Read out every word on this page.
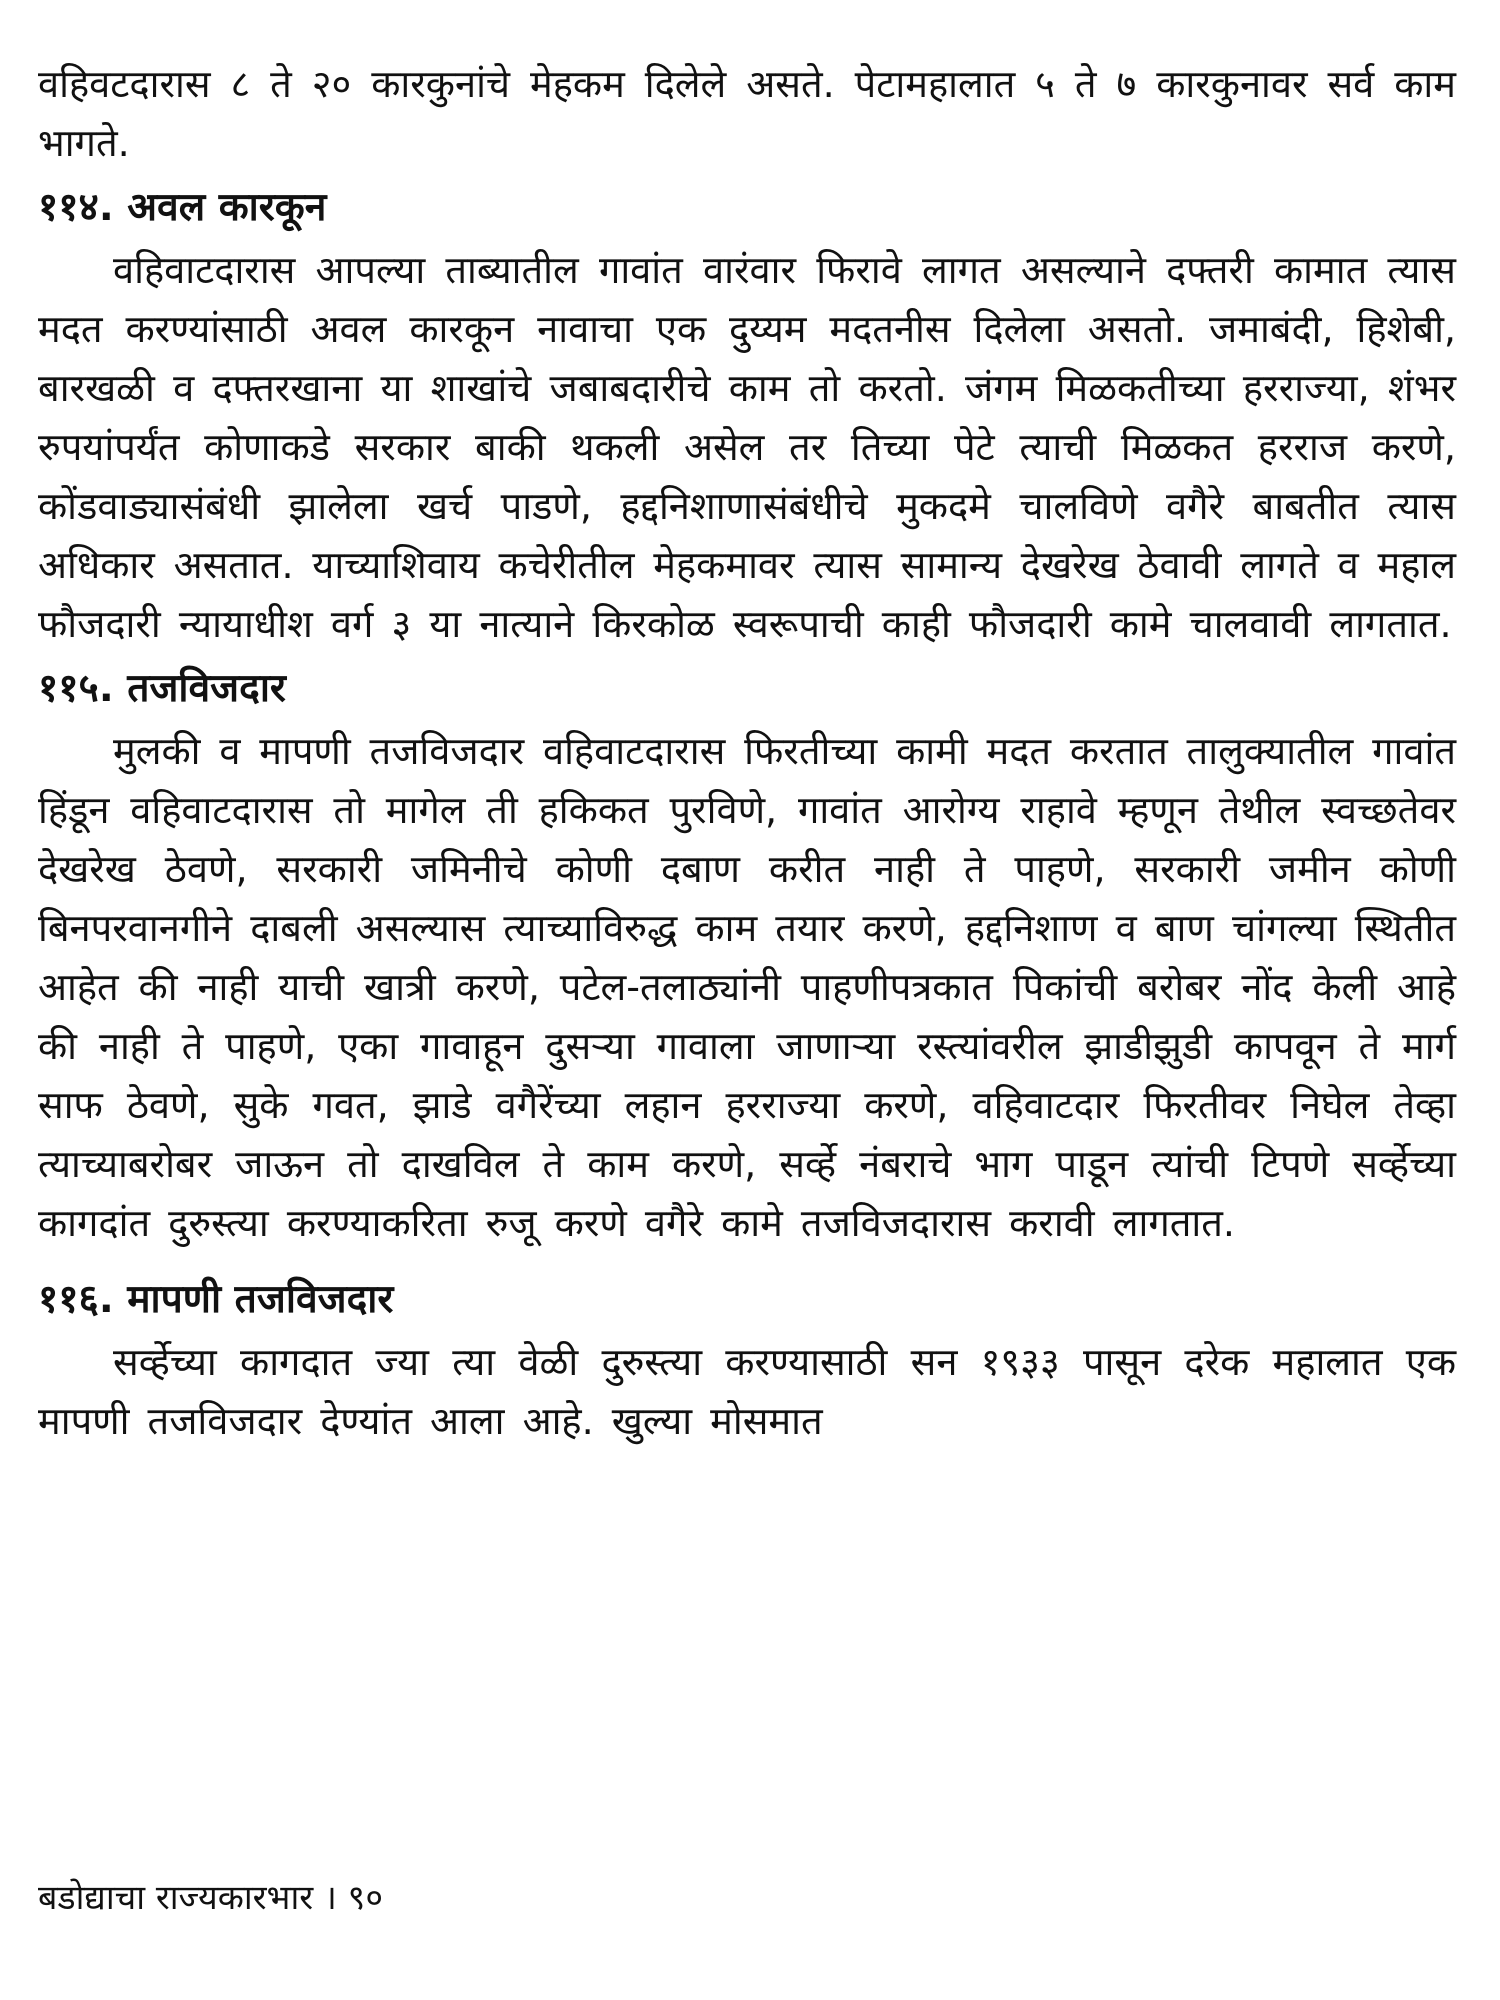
वहिवटदारास ८ ते २० कारकुनांचे मेहकम दिलेले असते. पेटामहालात ५ ते ७ कारकुनावर सर्व काम भागते.

११४. अवल कारकून

वहिवाटदारास आपल्या ताब्यातील गावांत वारंवार फिरावे लागत असल्याने दफ्तरी कामात त्यास मदत करण्यांसाठी अवल कारकून नावाचा एक दुय्यम मदतनीस दिलेला असतो. जमाबंदी, हिशेबी, बारखळी व दफ्तरखाना या शाखांचे जबाबदारीचे काम तो करतो. जंगम मिळकतीच्या हरराज्या, शंभर रुपयांपर्यंत कोणाकडे सरकार बाकी थकली असेल तर तिच्या पेटे त्याची मिळकत हरराज करणे, कोंडवाड्यासंबंधी झालेला खर्च पाडणे, हद्दनिशाणासंबंधीचे मुकदमे चालविणे वगैरे बाबतीत त्यास अधिकार असतात. याच्याशिवाय कचेरीतील मेहकमावर त्यास सामान्य देखरेख ठेवावी लागते व महाल फौजदारी न्यायाधीश वर्ग ३ या नात्याने किरकोळ स्वरूपाची काही फौजदारी कामे चालवावी लागतात.

११५. तजविजदार

मुलकी व मापणी तजविजदार वहिवाटदारास फिरतीच्या कामी मदत करतात तालुक्यातील गावांत हिंडून वहिवाटदारास तो मागेल ती हकिकत पुरविणे, गावांत आरोग्य राहावे म्हणून तेथील स्वच्छतेवर देखरेख ठेवणे, सरकारी जमिनीचे कोणी दबाण करीत नाही ते पाहणे, सरकारी जमीन कोणी बिनपरवानगीने दाबली असल्यास त्याच्याविरुद्ध काम तयार करणे, हद्दनिशाण व बाण चांगल्या स्थितीत आहेत की नाही याची खात्री करणे, पटेल-तलाठ्यांनी पाहणीपत्रकात पिकांची बरोबर नोंद केली आहे की नाही ते पाहणे, एका गावाहून दुसऱ्या गावाला जाणाऱ्या रस्त्यांवरील झाडीझुडी कापवून ते मार्ग साफ ठेवणे, सुके गवत, झाडे वगैरेंच्या लहान हरराज्या करणे, वहिवाटदार फिरतीवर निघेल तेव्हा त्याच्याबरोबर जाऊन तो दाखविल ते काम करणे, सर्व्हे नंबराचे भाग पाडून त्यांची टिपणे सर्व्हेच्या कागदांत दुरुस्त्या करण्याकरिता रुजू करणे वगैरे कामे तजविजदारास करावी लागतात.

११६. मापणी तजविजदार

सर्व्हेच्या कागदात ज्या त्या वेळी दुरुस्त्या करण्यासाठी सन १९३३ पासून दरेक महालात एक मापणी तजविजदार देण्यांत आला आहे. खुल्या मोसमात

बडोद्याचा राज्यकारभार । ९०
